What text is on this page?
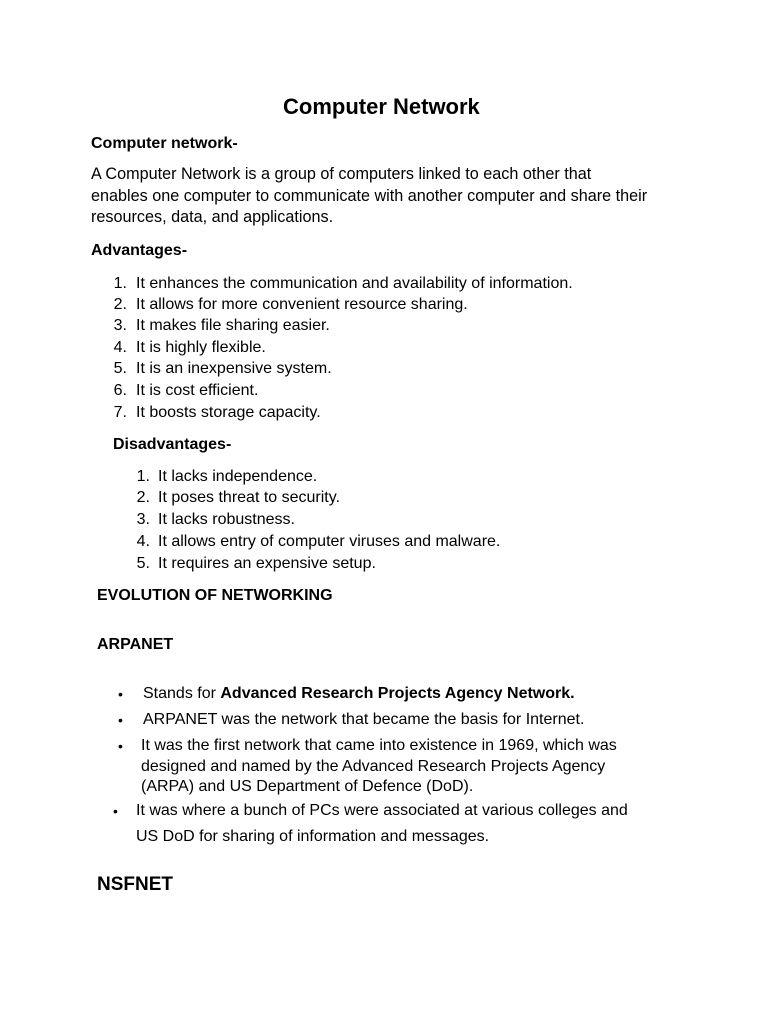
Computer Network
Computer network-

A Computer Network is a group of computers linked to each other that
enables one computer to communicate with another computer and share their
resources, data, and applications.

Advantages-
1. It enhances the communication and availability of information.
2. It allows for more convenient resource sharing.
3. It makes file sharing easier.
4. It is highly flexible.
5. It is an inexpensive system.
6. It is cost efficient.
7. It boosts storage capacity.
Disadvantages-
1. It lacks independence.
2. It poses threat to security.
3. It lacks robustness.
4. It allows entry of computer viruses and malware.
5. It requires an expensive setup.
EVOLUTION OF NETWORKING
ARPANET
• Stands for Advanced Research Projects Agency Network.
• ARPANET was the network that became the basis for Internet.
• It was the first network that came into existence in 1969, which was
designed and named by the Advanced Research Projects Agency
(ARPA) and US Department of Defence (DoD).
• It was where a bunch of PCs were associated at various colleges and
US DoD for sharing of information and messages.
NSFNET
